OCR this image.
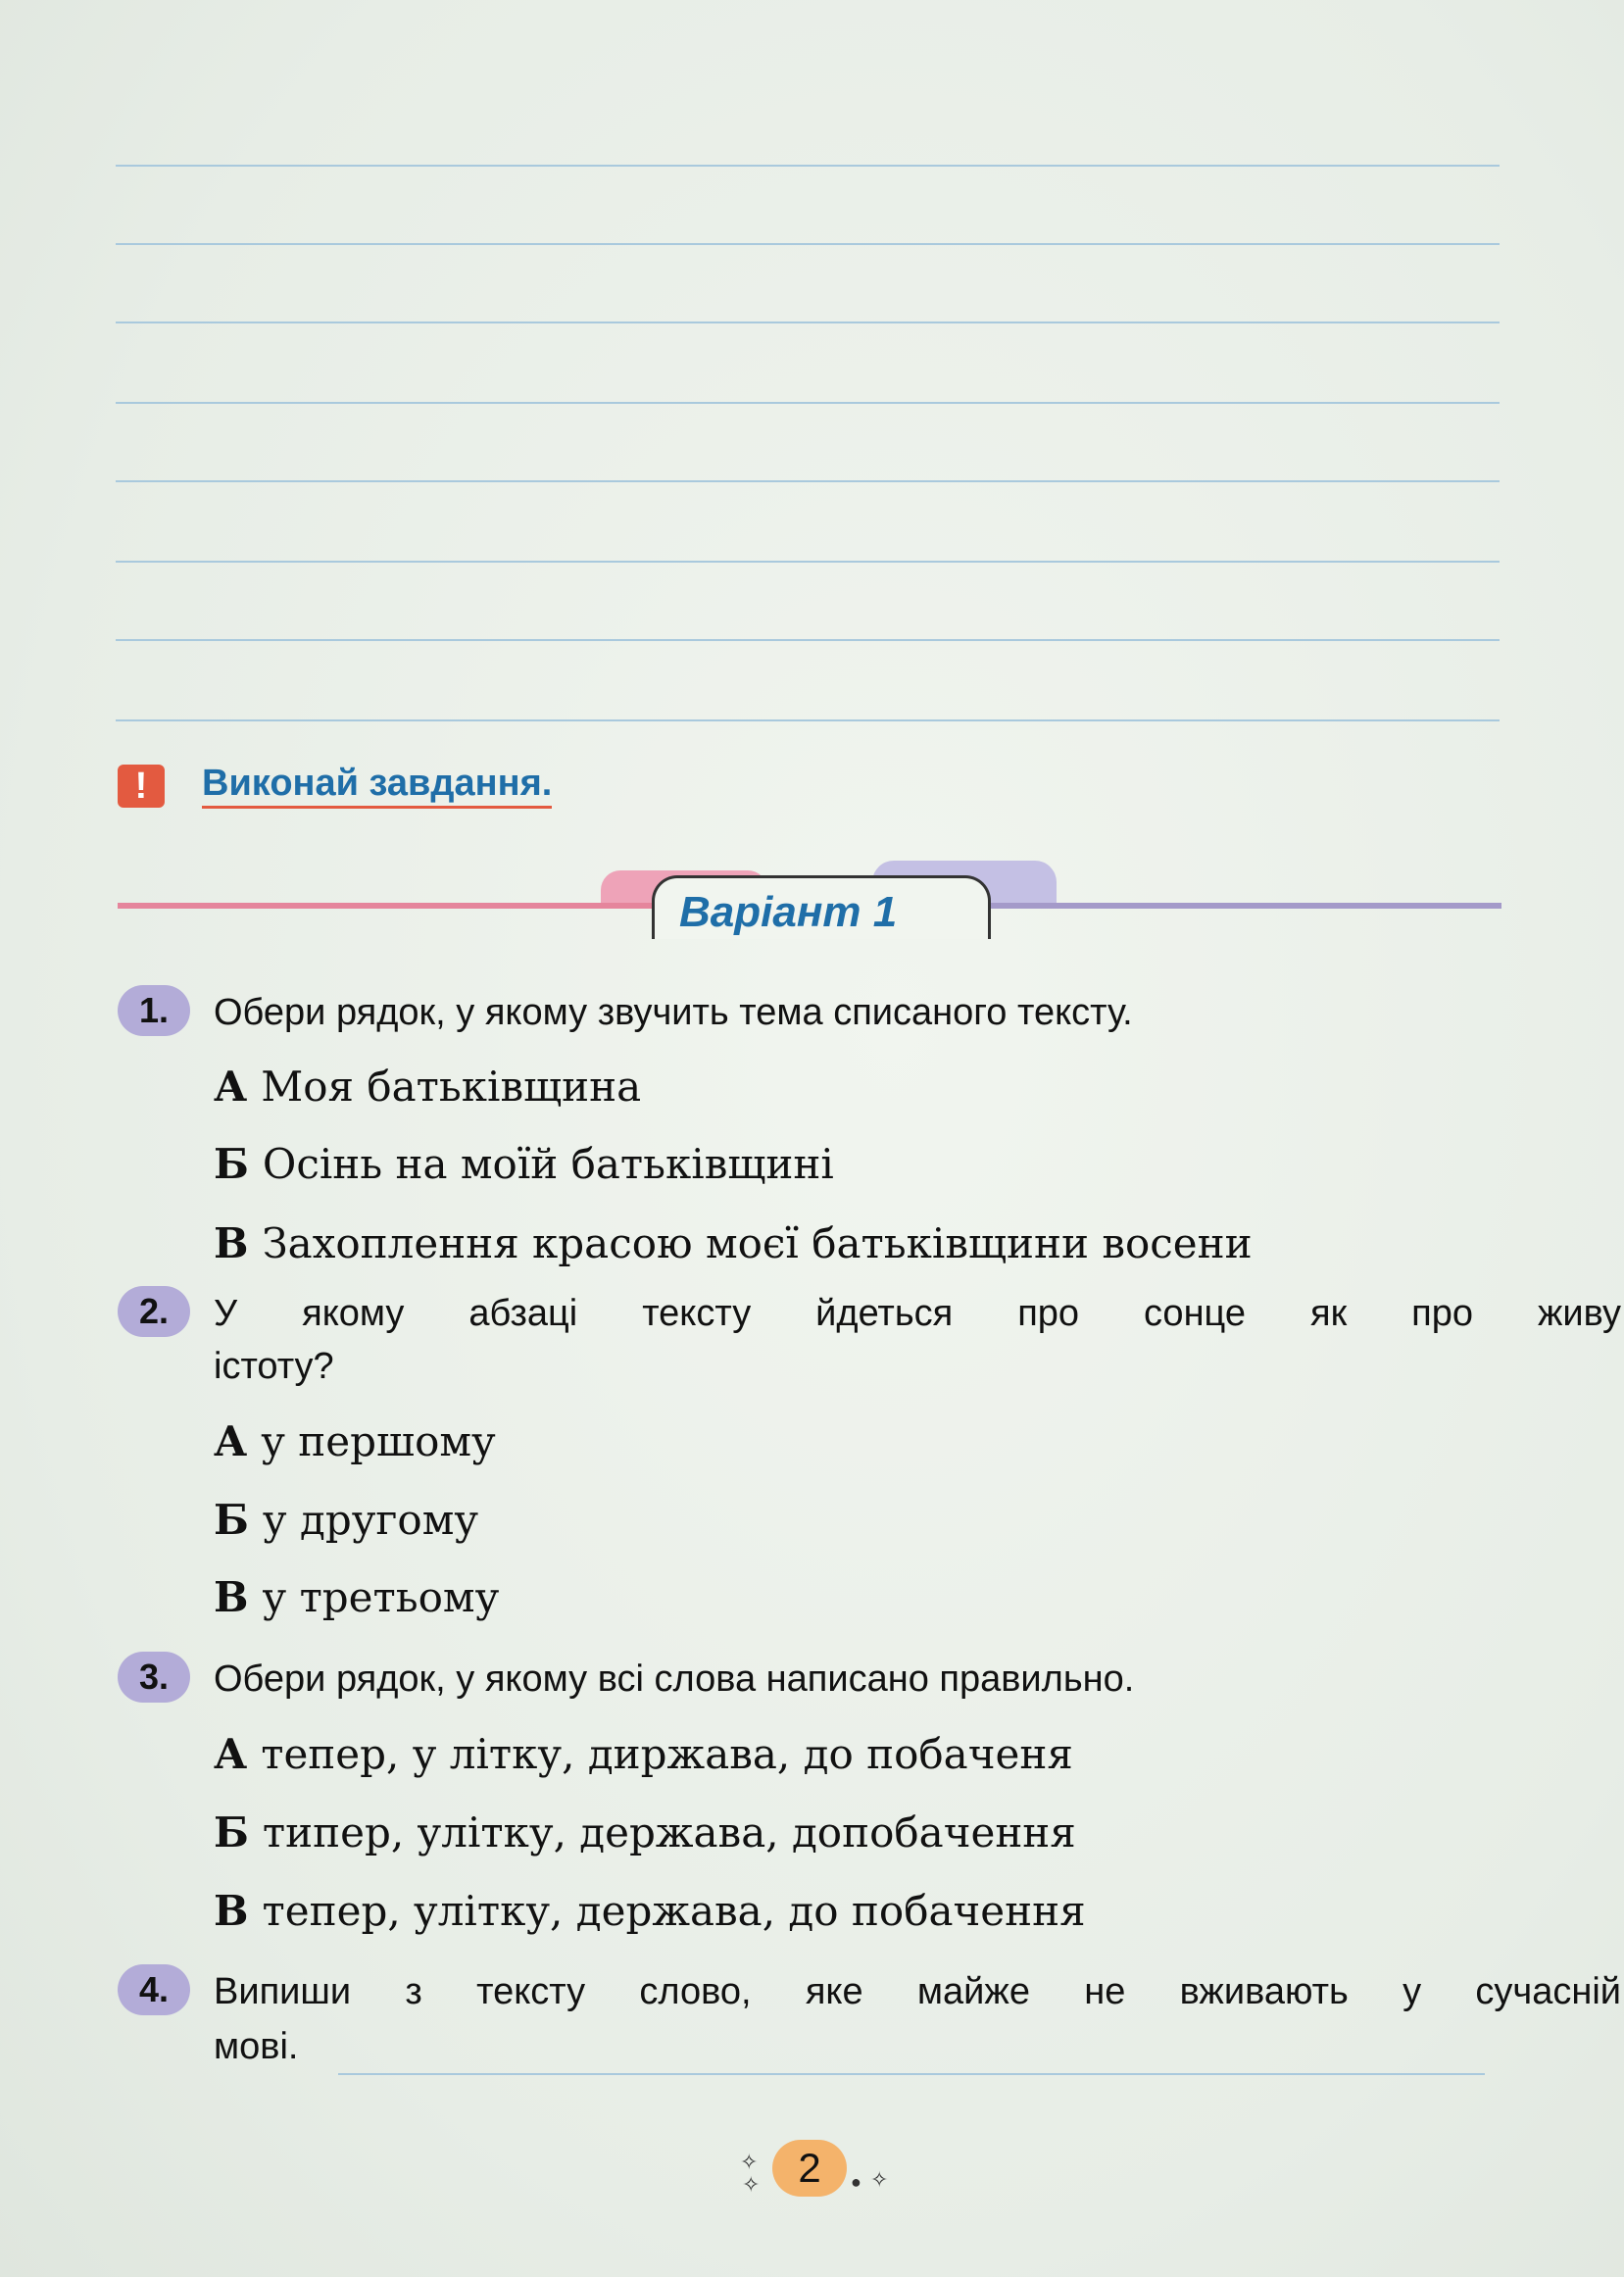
!	Виконай завдання.
Варіант 1
1.	Обери рядок, у якому звучить тема списаного тексту.
А Моя батьківщина
Б Осінь на моїй батьківщині
В Захоплення красою моєї батьківщини восени
2.	У якому абзаці тексту йдеться про сонце як про живу
істоту?
А у першому
Б у другому
В у третьому
3.	Обери рядок, у якому всі слова написано правильно.
А тепер, у літку, диржава, до побаченя
Б типер, улітку, держава, допобачення
В тепер, улітку, держава, до побачення
4.	Випиши з тексту слово, яке майже не вживають у сучасній
мові.
✧
✧ 2	● ✧
